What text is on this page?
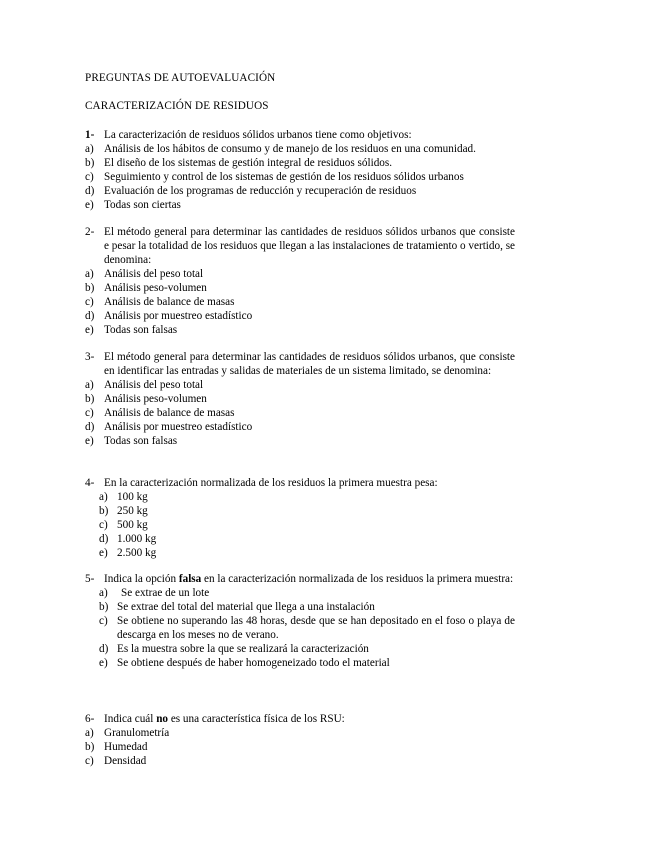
PREGUNTAS DE AUTOEVALUACIÓN
CARACTERIZACIÓN DE RESIDUOS
1- La caracterización de residuos sólidos urbanos tiene como objetivos:
a) Análisis de los hábitos de consumo y de manejo de los residuos en una comunidad.
b) El diseño de los sistemas de gestión integral de residuos sólidos.
c) Seguimiento y control de los sistemas de gestión de los residuos sólidos urbanos
d) Evaluación de los programas de reducción y recuperación de residuos
e) Todas son ciertas
2- El método general para determinar las cantidades de residuos sólidos urbanos que consiste e pesar la totalidad de los residuos que llegan a las instalaciones de tratamiento o vertido, se denomina:
a) Análisis del peso total
b) Análisis peso-volumen
c) Análisis de balance de masas
d) Análisis por muestreo estadístico
e) Todas son falsas
3- El método general para determinar las cantidades de residuos sólidos urbanos, que consiste en identificar las entradas y salidas de materiales de un sistema limitado, se denomina:
a) Análisis del peso total
b) Análisis peso-volumen
c) Análisis de balance de masas
d) Análisis por muestreo estadístico
e) Todas son falsas
4- En la caracterización normalizada de los residuos la primera muestra pesa:
a) 100 kg
b) 250 kg
c) 500 kg
d) 1.000 kg
e) 2.500 kg
5- Indica la opción falsa en la caracterización normalizada de los residuos la primera muestra:
a)	Se extrae de un lote
b) Se extrae del total del material que llega a una instalación
c) Se obtiene no superando las 48 horas, desde que se han depositado en el foso o playa de descarga en los meses no de verano.
d) Es la muestra sobre la que se realizará la caracterización
e) Se obtiene después de haber homogeneizado todo el material
6- Indica cuál no es una característica física de los RSU:
a) Granulometría
b) Humedad
c) Densidad
